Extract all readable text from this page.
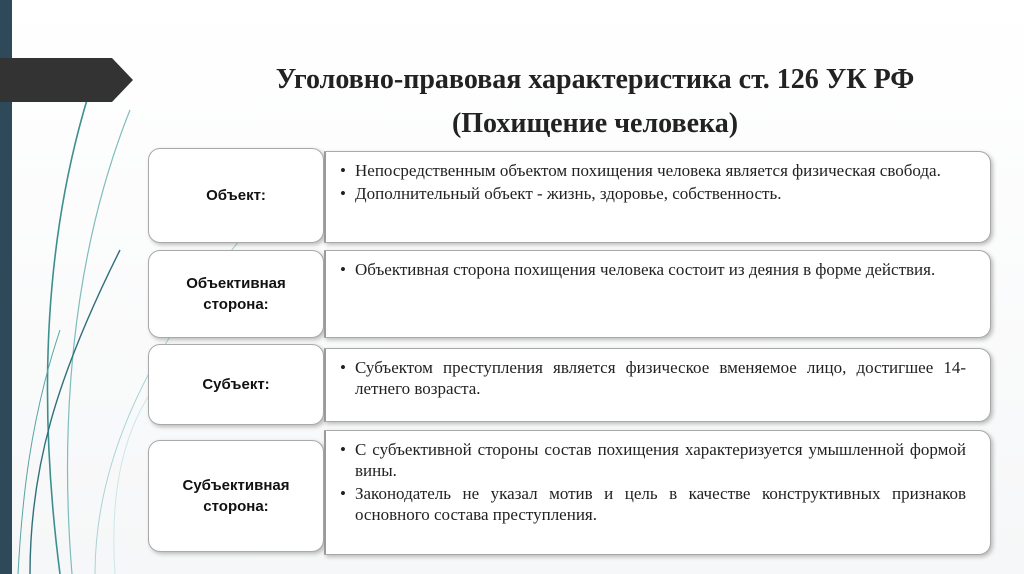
Уголовно-правовая характеристика ст. 126 УК РФ (Похищение человека)
Объект:
• Непосредственным объектом похищения человека является физическая свобода.
• Дополнительный объект - жизнь, здоровье, собственность.
Объективная сторона:
• Объективная сторона похищения человека состоит из деяния в форме действия.
Субъект:
• Субъектом преступления является физическое вменяемое лицо, достигшее 14-летнего возраста.
Субъективная сторона:
• С субъективной стороны состав похищения характеризуется умышленной формой вины.
• Законодатель не указал мотив и цель в качестве конструктивных признаков основного состава преступления.
